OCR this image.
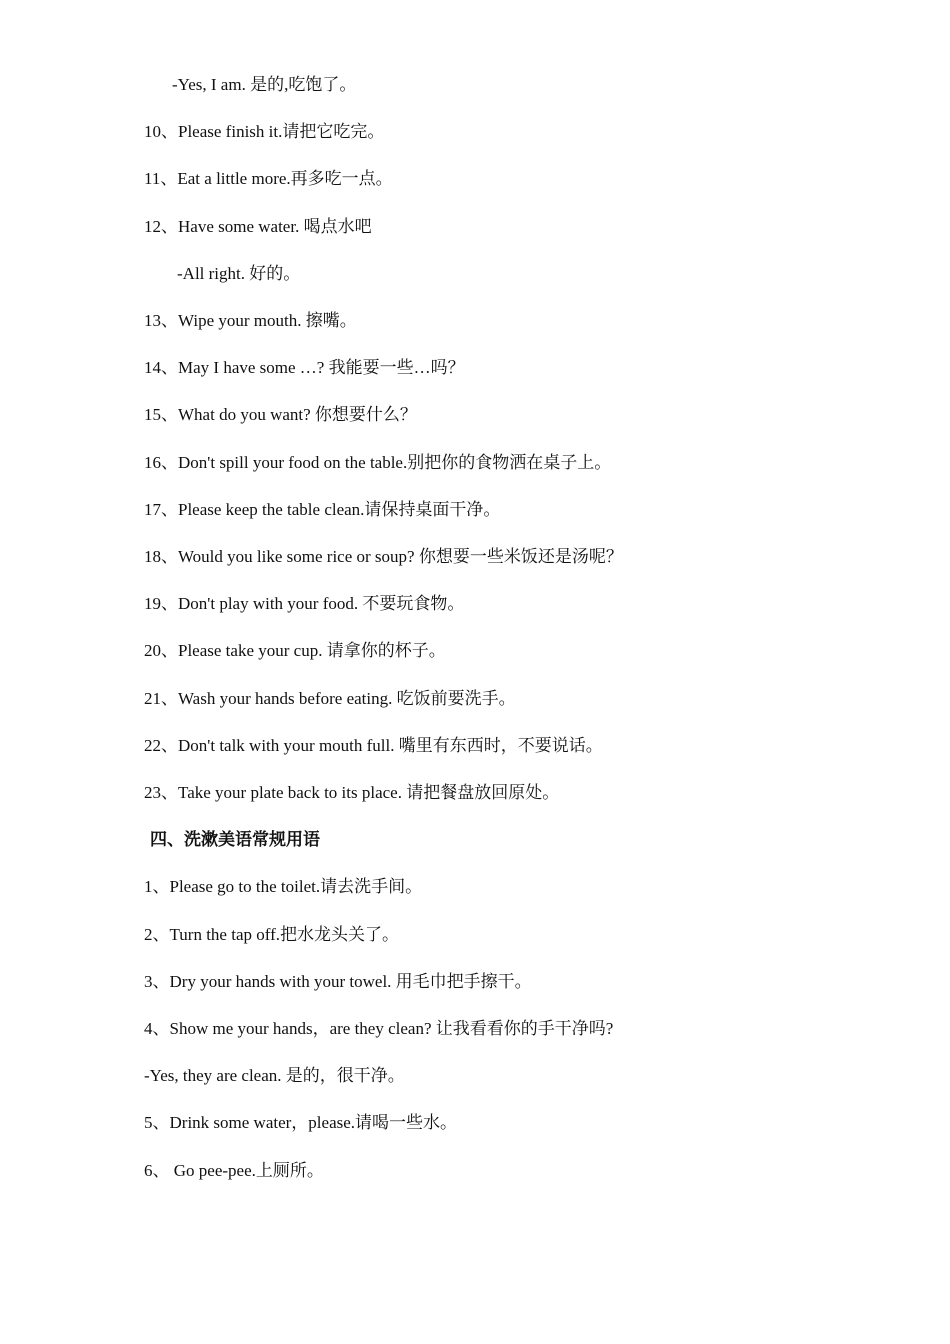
-Yes, I am. 是的,吃饱了。
10、Please finish it.请把它吃完。
11、Eat a little more.再多吃一点。
12、Have some water. 喝点水吧
-All right. 好的。
13、Wipe your mouth. 擦嘴。
14、May I have some …? 我能要一些…吗？
15、What do you want? 你想要什么？
16、Don't spill your food on the table.别把你的食物洒在桌子上。
17、Please keep the table clean.请保持桌面干净。
18、Would you like some rice or soup? 你想要一些米饭还是汤呢？
19、Don't play with your food. 不要玩食物。
20、Please take your cup. 请拿你的杯子。
21、Wash your hands before eating. 吃饭前要洗手。
22、Don't talk with your mouth full. 嘴里有东西时，不要说话。
23、Take your plate back to its place. 请把餐盘放回原处。
四、洗漱美语常规用语
1、Please go to the toilet.请去洗手间。
2、Turn the tap off.把水龙头关了。
3、Dry your hands with your towel. 用毛巾把手擦干。
4、Show me your hands，are they clean? 让我看看你的手干净吗?
-Yes, they are clean. 是的，很干净。
5、Drink some water，please.请喝一些水。
6、 Go pee-pee.上厕所。
